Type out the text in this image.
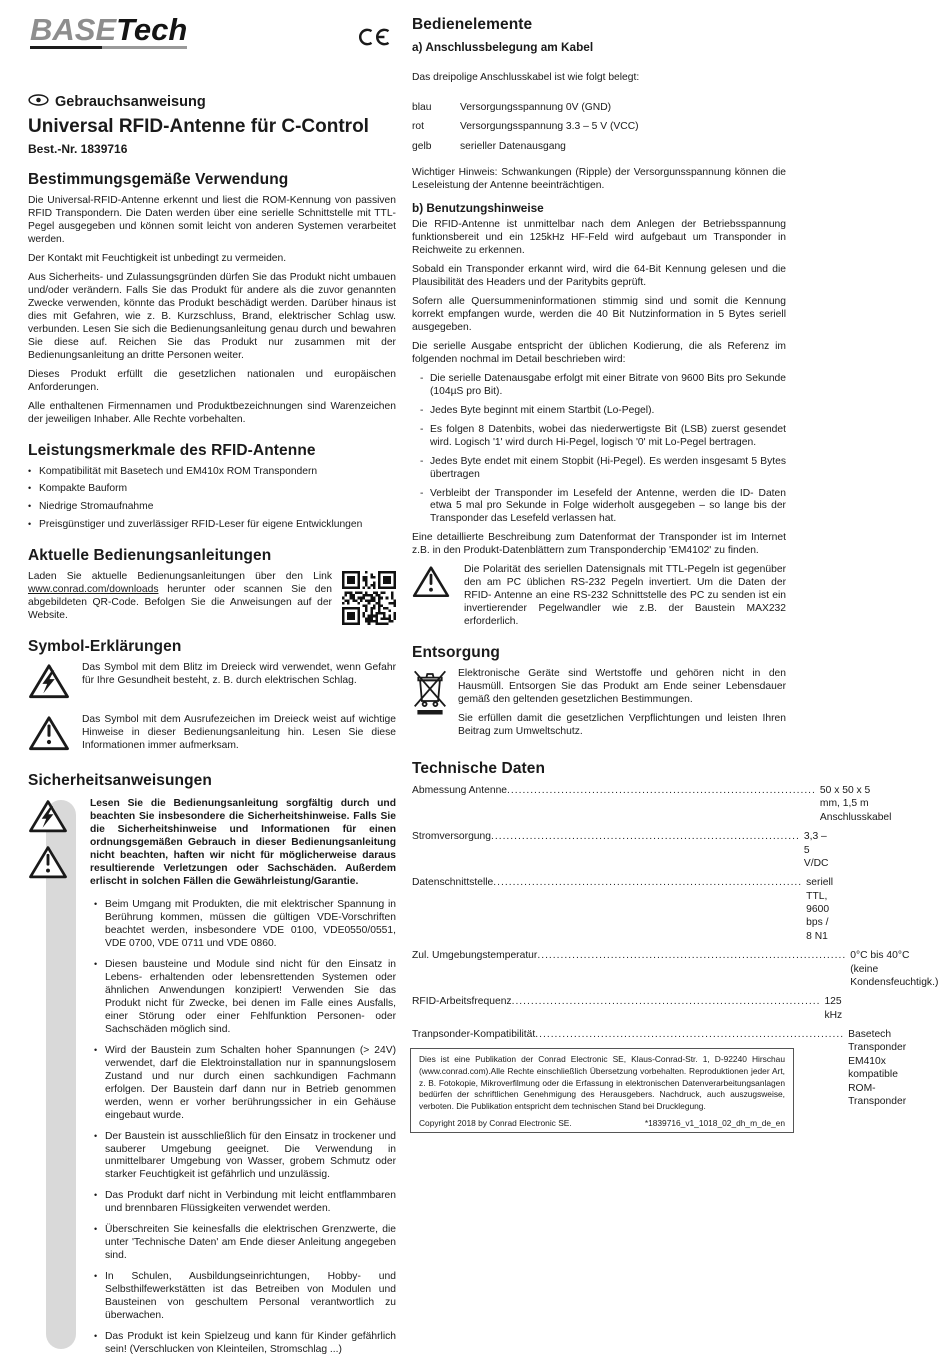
BASETech
Gebrauchsanweisung
Universal RFID-Antenne für C-Control
Best.-Nr. 1839716
Bestimmungsgemäße Verwendung

Die Universal-RFID-Antenne erkennt und liest die ROM-Kennung von passiven RFID Transpondern. Die Daten werden über eine serielle Schnittstelle mit TTL-Pegel ausgegeben und können somit leicht von anderen Systemen verarbeitet werden.

Der Kontakt mit Feuchtigkeit ist unbedingt zu vermeiden.

Aus Sicherheits- und Zulassungsgründen dürfen Sie das Produkt nicht umbauen und/oder verändern. Falls Sie das Produkt für andere als die zuvor genannten Zwecke verwenden, könnte das Produkt beschädigt werden. Darüber hinaus ist dies mit Gefahren, wie z. B. Kurzschluss, Brand, elektrischer Schlag usw. verbunden. Lesen Sie sich die Bedienungsanleitung genau durch und bewahren Sie diese auf. Reichen Sie das Produkt nur zusammen mit der Bedienungsanleitung an dritte Personen weiter.

Dieses Produkt erfüllt die gesetzlichen nationalen und europäischen Anforderungen.

Alle enthaltenen Firmennamen und Produktbezeichnungen sind Warenzeichen der jeweiligen Inhaber. Alle Rechte vorbehalten.

Leistungsmerkmale des RFID-Antenne
• Kompatibilität mit Basetech und EM410x ROM Transpondern
• Kompakte Bauform
• Niedrige Stromaufnahme
• Preisgünstiger und zuverlässiger RFID-Leser für eigene Entwicklungen
Aktuelle Bedienungsanleitungen

Laden Sie aktuelle Bedienungsanleitungen über den Link www.conrad.com/downloads herunter oder scannen Sie den abgebildeten QR-Code. Befolgen Sie die Anweisungen auf der Website.

Symbol-Erklärungen

Das Symbol mit dem Blitz im Dreieck wird verwendet, wenn Gefahr für Ihre Gesundheit besteht, z. B. durch elektrischen Schlag.

Das Symbol mit dem Ausrufezeichen im Dreieck weist auf wichtige Hinweise in dieser Bedienungsanleitung hin. Lesen Sie diese Informationen immer aufmerksam.

Sicherheitsanweisungen

Lesen Sie die Bedienungsanleitung sorgfältig durch und beachten Sie insbesondere die Sicherheitshinweise. Falls Sie die Sicherheitshinweise und Informationen für einen ordnungsgemäßen Gebrauch in dieser Bedienungsanleitung nicht beachten, haften wir nicht für möglicherweise daraus resultierende Verletzungen oder Sachschäden. Außerdem erlischt in solchen Fällen die Gewährleistung/Garantie.

• Beim Umgang mit Produkten, die mit elektrischer Spannung in Berührung kommen, müssen die gültigen VDE-Vorschriften beachtet werden, insbesondere VDE 0100, VDE0550/0551, VDE 0700, VDE 0711 und VDE 0860.
• Diesen bausteine und Module sind nicht für den Einsatz in Lebens- erhaltenden oder lebensrettenden Systemen oder ähnlichen Anwendungen konzipiert! Verwenden Sie das Produkt nicht für Zwecke, bei denen im Falle eines Ausfalls, einer Störung oder einer Fehlfunktion Personen- oder Sachschäden möglich sind.
• Wird der Baustein zum Schalten hoher Spannungen (> 24V) verwendet, darf die Elektroinstallation nur in spannungslosem Zustand und nur durch einen sachkundigen Fachmann erfolgen. Der Baustein darf dann nur in Betrieb genommen werden, wenn er vorher berührungssicher in ein Gehäuse eingebaut wurde.
• Der Baustein ist ausschließlich für den Einsatz in trockener und sauberer Umgebung geeignet. Die Verwendung in unmittelbarer Umgebung von Wasser, grobem Schmutz oder starker Feuchtigkeit ist gefährlich und unzulässig.
• Das Produkt darf nicht in Verbindung mit leicht entflammbaren und brennbaren Flüssigkeiten verwendet werden.
• Überschreiten Sie keinesfalls die elektrischen Grenzwerte, die unter 'Technische Daten' am Ende dieser Anleitung angegeben sind.
• In Schulen, Ausbildungseinrichtungen, Hobby- und Selbsthilfewerkstätten ist das Betreiben von Modulen und Bausteinen von geschultem Personal verantwortlich zu überwachen.
• Das Produkt ist kein Spielzeug und kann für Kinder gefährlich sein! (Verschlucken von Kleinteilen, Stromschlag ...)
Bedienelemente
a) Anschlussbelegung am Kabel

Das dreipolige Anschlusskabel ist wie folgt belegt:

blau	Versorgungsspannung 0V (GND)
rot	Versorgungsspannung 3.3 – 5 V (VCC)
gelb	serieller Datenausgang

Wichtiger Hinweis: Schwankungen (Ripple) der Versorgunsspannung können die Leseleistung der Antenne beeinträchtigen.

b) Benutzungshinweise

Die RFID-Antenne ist unmittelbar nach dem Anlegen der Betriebsspannung funktionsbereit und ein 125kHz HF-Feld wird aufgebaut um Transponder in Reichweite zu erkennen.

Sobald ein Transponder erkannt wird, wird die 64-Bit Kennung gelesen und die Plausibilität des Headers und der Paritybits geprüft.

Sofern alle Quersummeninformationen stimmig sind und somit die Kennung korrekt empfangen wurde, werden die 40 Bit Nutzinformation in 5 Bytes seriell ausgegeben.

Die serielle Ausgabe entspricht der üblichen Kodierung, die als Referenz im folgenden nochmal im Detail beschrieben wird:

- Die serielle Datenausgabe erfolgt mit einer Bitrate von 9600 Bits pro Sekunde (104µS pro Bit).
- Jedes Byte beginnt mit einem Startbit (Lo-Pegel).
- Es folgen 8 Datenbits, wobei das niederwertigste Bit (LSB) zuerst gesendet wird. Logisch '1' wird durch Hi-Pegel, logisch '0' mit Lo-Pegel bertragen.
- Jedes Byte endet mit einem Stopbit (Hi-Pegel). Es werden insgesamt 5 Bytes übertragen
- Verbleibt der Transponder im Lesefeld der Antenne, werden die ID- Daten etwa 5 mal pro Sekunde in Folge widerholt ausgegeben – so lange bis der Transponder das Lesefeld verlassen hat.

Eine detaillierte Beschreibung zum Datenformat der Transponder ist im Internet z.B. in den Produkt-Datenblättern zum Transponderchip 'EM4102' zu finden.

Die Polarität des seriellen Datensignals mit TTL-Pegeln ist gegenüber den am PC üblichen RS-232 Pegeln invertiert. Um die Daten der RFID- Antenne an eine RS-232 Schnittstelle des PC zu senden ist ein invertierender Pegelwandler wie z.B. der Baustein MAX232 erforderlich.

Entsorgung

Elektronische Geräte sind Wertstoffe und gehören nicht in den Hausmüll. Entsorgen Sie das Produkt am Ende seiner Lebensdauer gemäß den geltenden gesetzlichen Bestimmungen.

Sie erfüllen damit die gesetzlichen Verpflichtungen und leisten Ihren Beitrag zum Umweltschutz.

Technische Daten
Abmessung Antenne ................................................................................ 50 x 50 x 5 mm, 1,5 m Anschlusskabel
Stromversorgung ................................................................................ 3,3 – 5 V/DC
Datenschnittstelle ................................................................................ seriell TTL, 9600 bps / 8 N1
Zul. Umgebungstemperatur ................................................................................ 0°C bis 40°C (keine Kondensfeuchtigk.)
RFID-Arbeitsfrequenz ................................................................................ 125 kHz
Tranpsonder-Kompatibilität ................................................................................ Basetech Transponder
EM410x kompatible ROM-Transponder

Dies ist eine Publikation der Conrad Electronic SE, Klaus-Conrad-Str. 1, D-92240 Hirschau (www.conrad.com).Alle Rechte einschließlich Übersetzung vorbehalten. Reproduktionen jeder Art, z. B. Fotokopie, Mikroverfilmung oder die Erfassung in elektronischen Datenverarbeitungsanlagen bedürfen der schriftlichen Genehmigung des Herausgebers. Nachdruck, auch auszugsweise, verboten. Die Publikation entspricht dem technischen Stand bei Drucklegung.

Copyright 2018 by Conrad Electronic SE.	*1839716_v1_1018_02_dh_m_de_en
